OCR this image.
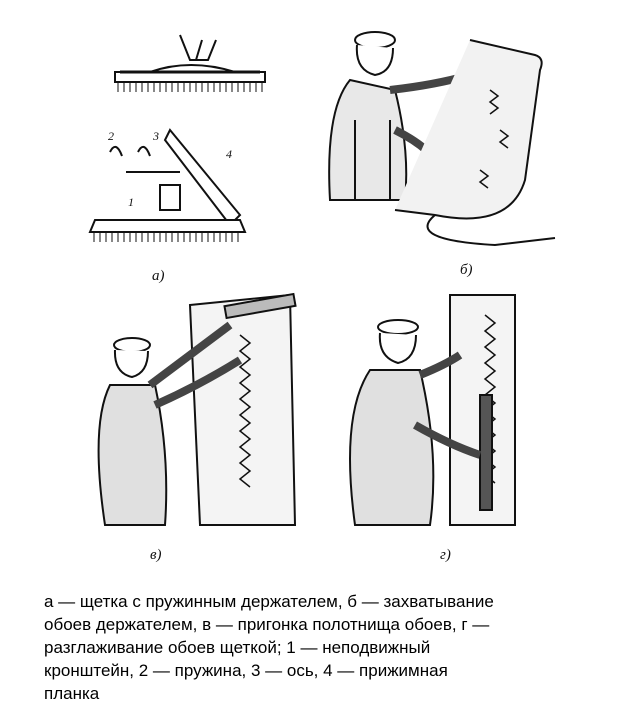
2	3
1
4
а)	б)
в)	г)
а — щетка с пружинным держателем, б — захватывание
обоев держателем, в — пригонка полотнища обоев, г —
разглаживание обоев щеткой; 1 — неподвижный
кронштейн, 2 — пружина, 3 — ось, 4 — прижимная
планка
